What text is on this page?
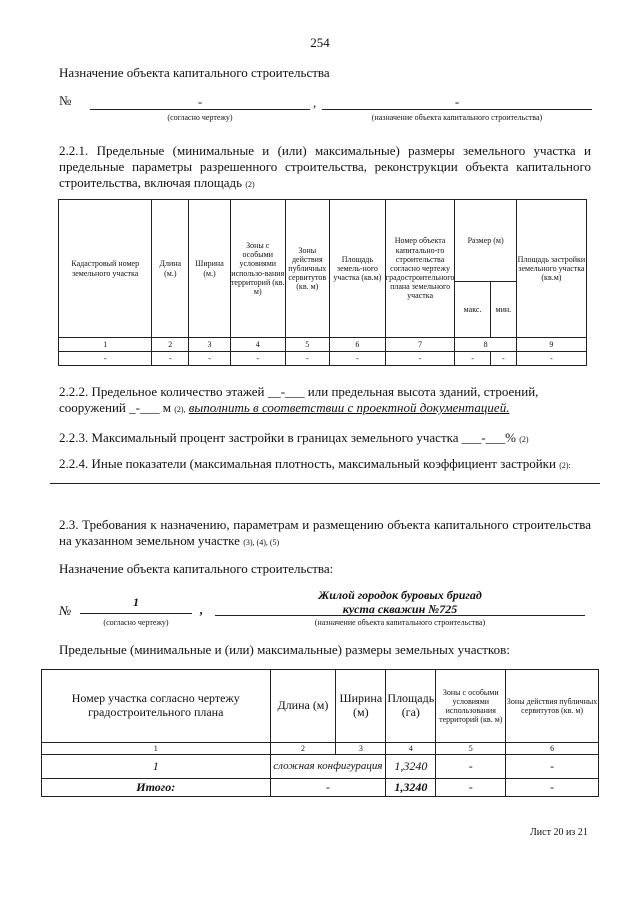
254
Назначение объекта капитального строительства
№	-	,	-
(согласно чертежу)	(назначение объекта капитального строительства)
2.2.1. Предельные (минимальные и (или) максимальные) размеры земельного участка и предельные параметры разрешенного строительства, реконструкции объекта капитального строительства, включая площадь (2)
Кадастровый номер земельного участка	Длина (м.)	Ширина (м.)	Зоны с особыми условиями использо-вания территорий (кв. м)	Зоны действия публичных сервитутов (кв. м)	Площадь земель-ного участка (кв.м)	Номер объекта капитально-го строительства согласно чертежу градостроительного плана земельного участка	Размер (м)		Площадь застройки земельного участка (кв.м)
							макс.	мин.	
1	2	3	4	5	6	7	8		9
-	-	-	-	-	-	-	-	-	-
2.2.2. Предельное количество этажей __-___ или предельная высота зданий, строений,
сооружений _-___ м (2), выполнить в соответствии с проектной документацией.
2.2.3. Максимальный процент застройки в границах земельного участка ___-___% (2)
2.2.4. Иные показатели (максимальная плотность, максимальный коэффициент застройки (2):
2.3. Требования к назначению, параметрам и размещению объекта капитального строительства на указанном земельном участке (3), (4), (5)
Назначение объекта капитального строительства:
№
1	,
Жилой городок буровых бригад
куста скважин №725
(согласно чертежу)	(назначение объекта капитального строительства)
Предельные (минимальные и (или) максимальные) размеры земельных участков:
Номер участка согласно чертежу градостроительного плана	Длина (м)	Ширина (м)	Площадь (га)	Зоны с особыми условиями использования территорий (кв. м)	Зоны действия публичных сервитутов (кв. м)
1	2	3	4	5	6
1	сложная конфигурация		1,3240	-	-
Итого:	-		1,3240	-	-
Лист 20 из 21
